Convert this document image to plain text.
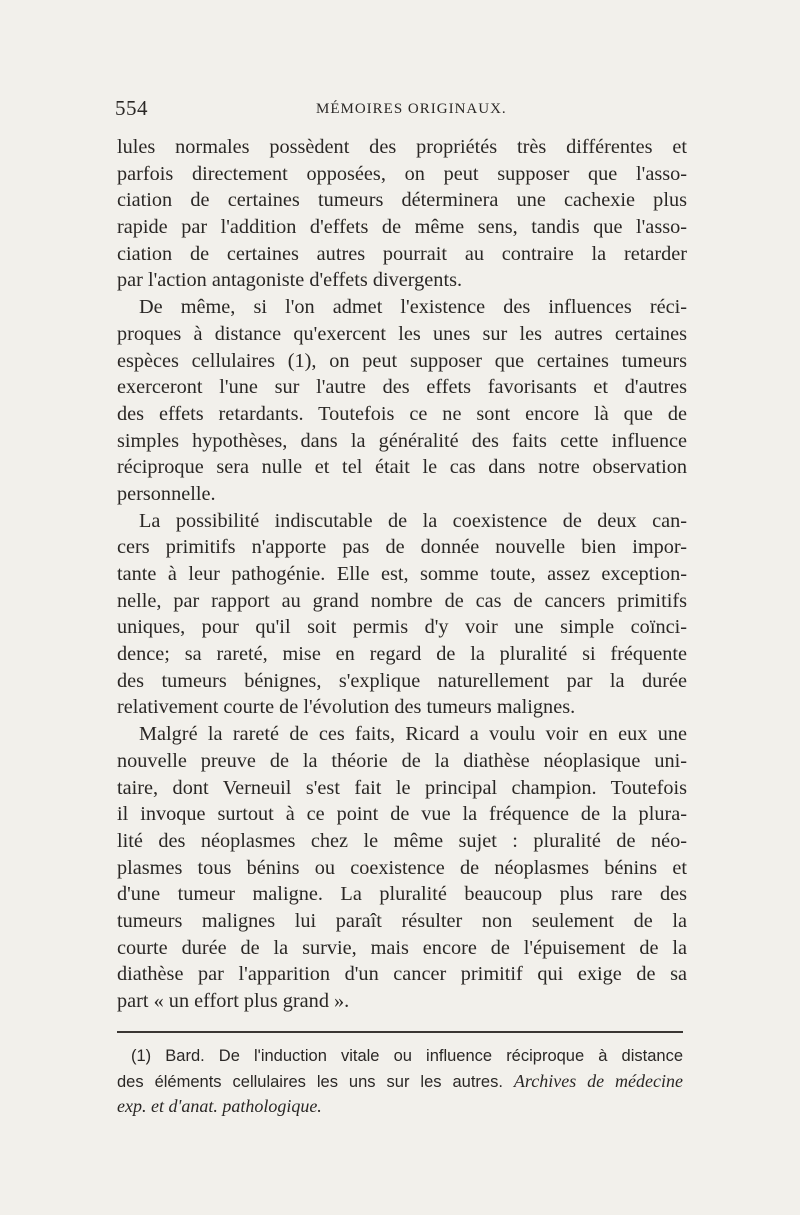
554	MÉMOIRES ORIGINAUX.
lules normales possèdent des propriétés très différentes et
parfois directement opposées, on peut supposer que l'asso-
ciation de certaines tumeurs déterminera une cachexie plus
rapide par l'addition d'effets de même sens, tandis que l'asso-
ciation de certaines autres pourrait au contraire la retarder
par l'action antagoniste d'effets divergents.
De même, si l'on admet l'existence des influences réci-
proques à distance qu'exercent les unes sur les autres certaines
espèces cellulaires (1), on peut supposer que certaines tumeurs
exerceront l'une sur l'autre des effets favorisants et d'autres
des effets retardants. Toutefois ce ne sont encore là que de
simples hypothèses, dans la généralité des faits cette influence
réciproque sera nulle et tel était le cas dans notre observation
personnelle.
La possibilité indiscutable de la coexistence de deux can-
cers primitifs n'apporte pas de donnée nouvelle bien impor-
tante à leur pathogénie. Elle est, somme toute, assez exception-
nelle, par rapport au grand nombre de cas de cancers primitifs
uniques, pour qu'il soit permis d'y voir une simple coïnci-
dence; sa rareté, mise en regard de la pluralité si fréquente
des tumeurs bénignes, s'explique naturellement par la durée
relativement courte de l'évolution des tumeurs malignes.
Malgré la rareté de ces faits, Ricard a voulu voir en eux une
nouvelle preuve de la théorie de la diathèse néoplasique uni-
taire, dont Verneuil s'est fait le principal champion. Toutefois
il invoque surtout à ce point de vue la fréquence de la plura-
lité des néoplasmes chez le même sujet : pluralité de néo-
plasmes tous bénins ou coexistence de néoplasmes bénins et
d'une tumeur maligne. La pluralité beaucoup plus rare des
tumeurs malignes lui paraît résulter non seulement de la
courte durée de la survie, mais encore de l'épuisement de la
diathèse par l'apparition d'un cancer primitif qui exige de sa
part « un effort plus grand ».
(1) Bard. De l'induction vitale ou influence réciproque à distance
des éléments cellulaires les uns sur les autres. Archives de médecine
exp. et d'anat. pathologique.
